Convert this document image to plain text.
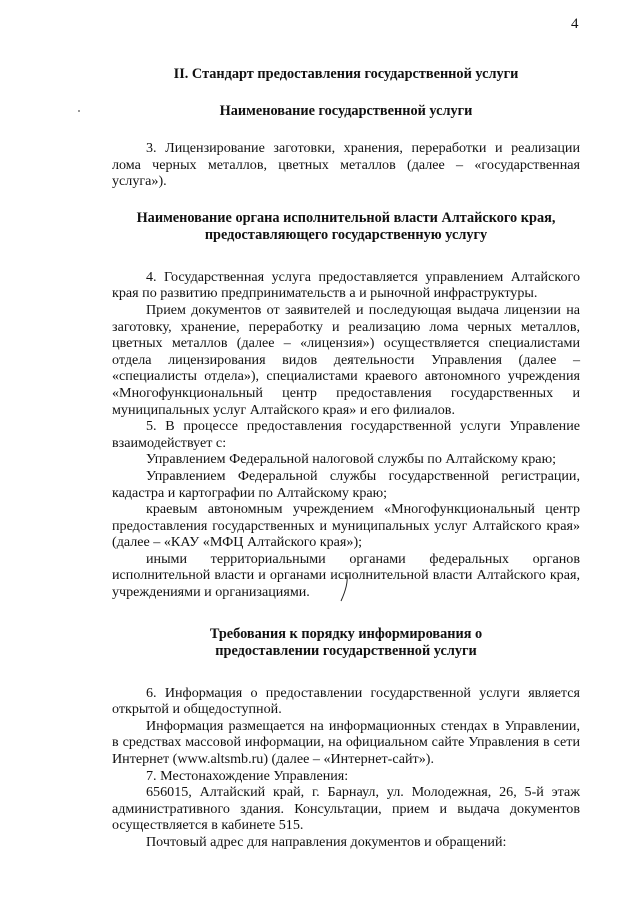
4

II. Стандарт предоставления государственной услуги
Наименование государственной услуги

3. Лицензирование заготовки, хранения, переработки и реализации лома черных металлов, цветных металлов (далее – «государственная услуга»).

Наименование органа исполнительной власти Алтайского края,
предоставляющего государственную услугу

4. Государственная услуга предоставляется управлением Алтайского края по развитию предпринимательств а и рыночной инфраструктуры.

Прием документов от заявителей и последующая выдача лицензии на заготовку, хранение, переработку и реализацию лома черных металлов, цветных металлов (далее – «лицензия») осуществляется специалистами отдела лицензирования видов деятельности Управления (далее – «специалисты отдела»), специалистами краевого автономного учреждения «Многофункциональный центр предоставления государственных и муниципальных услуг Алтайского края» и его филиалов.

5. В процессе предоставления государственной услуги Управление взаимодействует с:

Управлением Федеральной налоговой службы по Алтайскому краю;

Управлением Федеральной службы государственной регистрации, кадастра и картографии по Алтайскому краю;

краевым автономным учреждением «Многофункциональный центр предоставления государственных и муниципальных услуг Алтайского края» (далее – «КАУ «МФЦ Алтайского края»);

иными территориальными органами федеральных органов исполнительной власти и органами исполнительной власти Алтайского края, учреждениями и организациями.

Требования к порядку информирования о
предоставлении государственной услуги

6. Информация о предоставлении государственной услуги является открытой и общедоступной.

Информация размещается на информационных стендах в Управлении, в средствах массовой информации, на официальном сайте Управления в сети Интернет (www.altsmb.ru) (далее – «Интернет-сайт»).

7. Местонахождение Управления:

656015, Алтайский край, г. Барнаул, ул. Молодежная, 26, 5-й этаж административного здания. Консультации, прием и выдача документов осуществляется в кабинете 515.

Почтовый адрес для направления документов и обращений:
